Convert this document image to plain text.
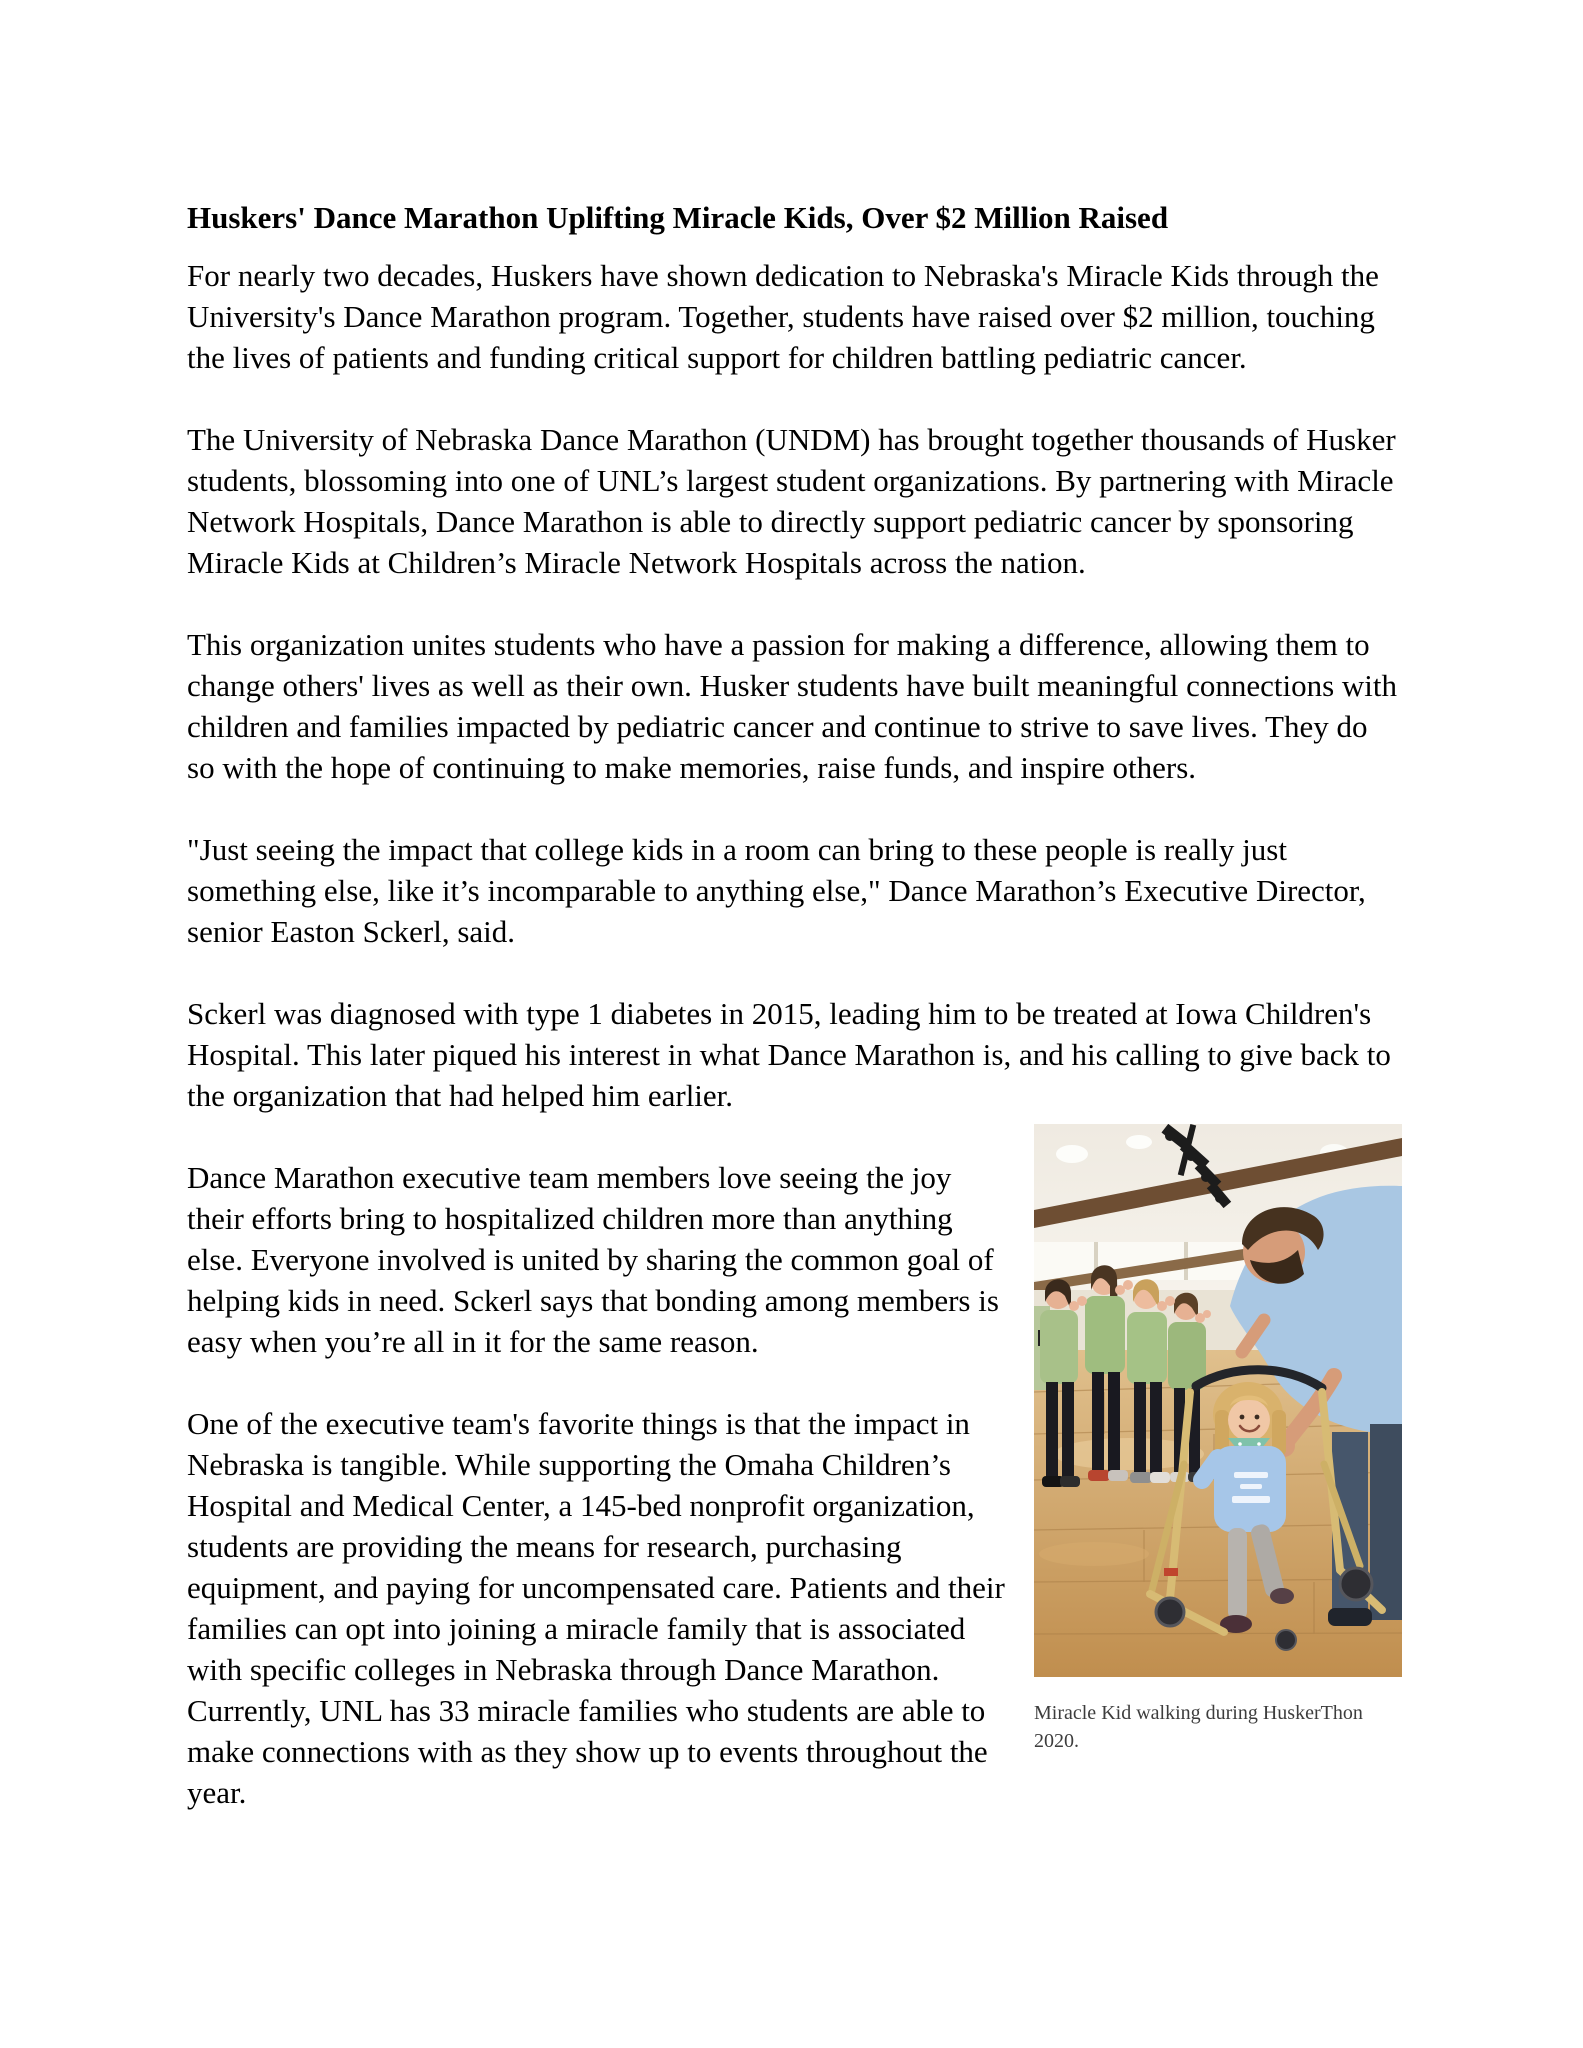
Huskers' Dance Marathon Uplifting Miracle Kids, Over $2 Million Raised

For nearly two decades, Huskers have shown dedication to Nebraska's Miracle Kids through the University's Dance Marathon program. Together, students have raised over $2 million, touching the lives of patients and funding critical support for children battling pediatric cancer.

The University of Nebraska Dance Marathon (UNDM) has brought together thousands of Husker students, blossoming into one of UNL’s largest student organizations. By partnering with Miracle Network Hospitals, Dance Marathon is able to directly support pediatric cancer by sponsoring Miracle Kids at Children’s Miracle Network Hospitals across the nation.

This organization unites students who have a passion for making a difference, allowing them to change others' lives as well as their own. Husker students have built meaningful connections with children and families impacted by pediatric cancer and continue to strive to save lives. They do so with the hope of continuing to make memories, raise funds, and inspire others.

"Just seeing the impact that college kids in a room can bring to these people is really just something else, like it’s incomparable to anything else," Dance Marathon’s Executive Director, senior Easton Sckerl, said.

Sckerl was diagnosed with type 1 diabetes in 2015, leading him to be treated at Iowa Children's Hospital. This later piqued his interest in what Dance Marathon is, and his calling to give back to the organization that had helped him earlier.

Miracle Kid walking during HuskerThon 2020.

Dance Marathon executive team members love seeing the joy their efforts bring to hospitalized children more than anything else. Everyone involved is united by sharing the common goal of helping kids in need. Sckerl says that bonding among members is easy when you’re all in it for the same reason.

One of the executive team's favorite things is that the impact in Nebraska is tangible. While supporting the Omaha Children’s Hospital and Medical Center, a 145-bed nonprofit organization, students are providing the means for research, purchasing equipment, and paying for uncompensated care. Patients and their families can opt into joining a miracle family that is associated with specific colleges in Nebraska through Dance Marathon. Currently, UNL has 33 miracle families who students are able to make connections with as they show up to events throughout the year.
